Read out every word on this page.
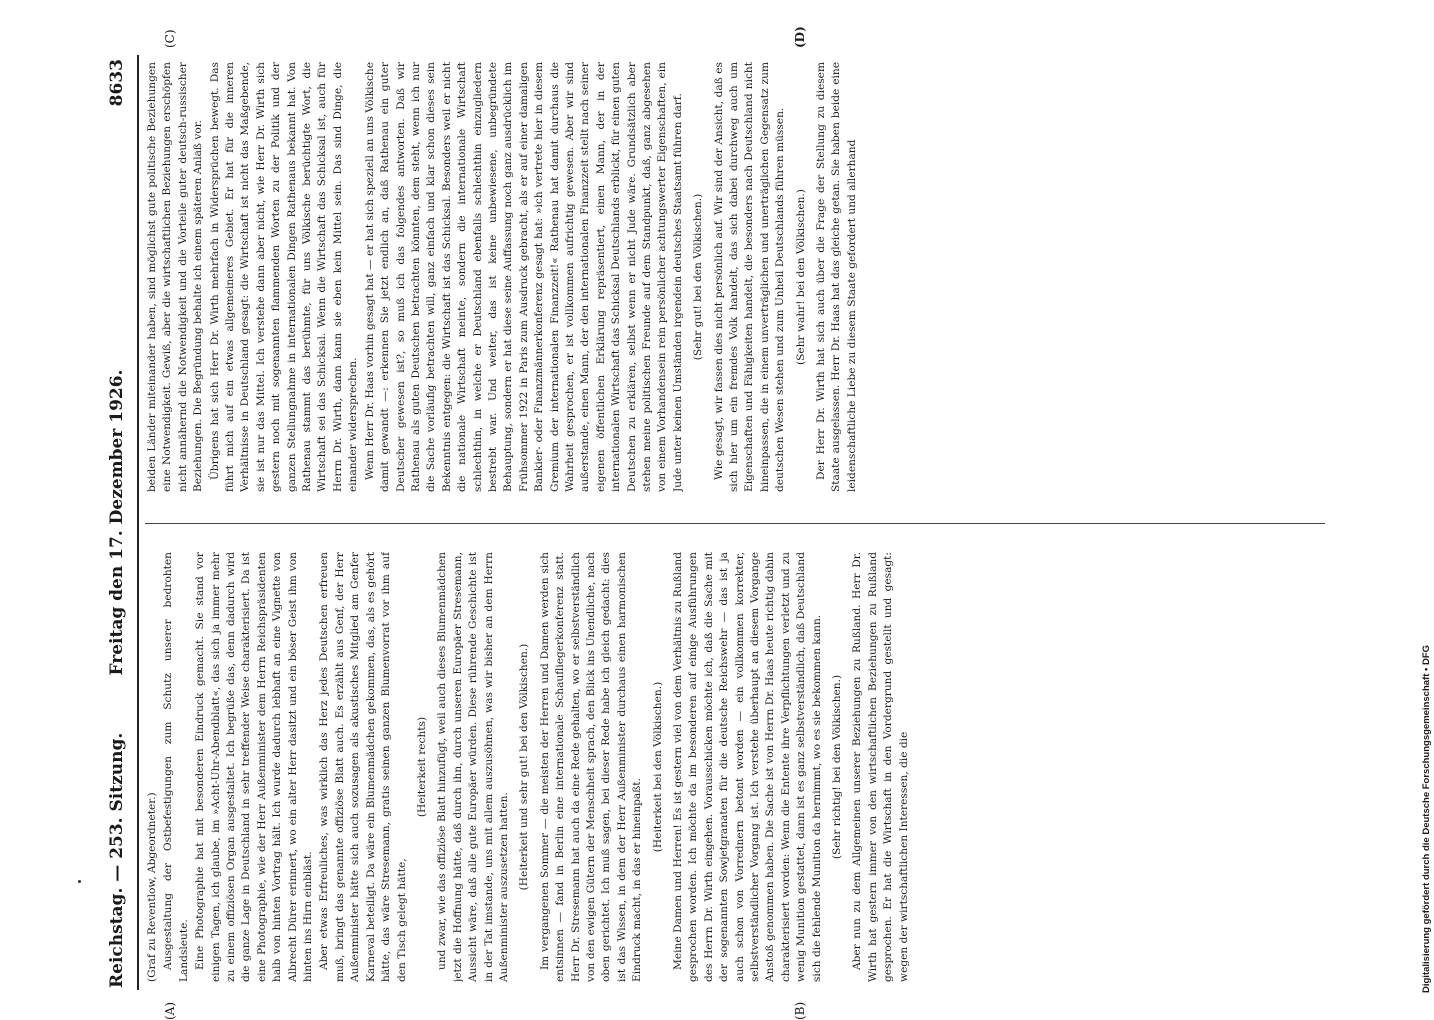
Reichstag. — 253. Sitzung.
Freitag den 17. Dezember 1926.
8633
(A)	(B)
(C)	(D)

(Graf zu Reventlow, Abgeordneter.) Ausgestaltung der Ostbefestigungen zum Schutz unserer bedrohten Landsleute. Eine Photographie hat mit besonderen Eindruck gemacht. Sie stand vor einigen Tagen, ich glaube, im »Acht-Uhr-Abendblatt«, das sich ja immer mehr zu einem offiziösen Organ ausgestaltet. Ich begrüße das, denn dadurch wird die ganze Lage in Deutschland in sehr treffender Weise charakterisiert. Da ist eine Photographie, wie der Herr Außenminister dem Herrn Reichspräsidenten halb von hinten Vortrag hält. Ich wurde dadurch lebhaft an eine Vignette von Albrecht Dürer erinnert, wo ein alter Herr dasitzt und ein böser Geist ihm von hinten ins Hirn einbläst. Aber etwas Erfreuliches, was wirklich das Herz jedes Deutschen erfreuen muß, bringt das genannte offiziöse Blatt auch. Es erzählt aus Genf, der Herr Außenminister hätte sich auch sozusagen als akustisches Mitglied am Genfer Karneval beteiligt. Da wäre ein Blumenmädchen gekommen, das, als es gehört hätte, das wäre Stresemann, gratis seinen ganzen Blumenvorrat vor ihm auf den Tisch gelegt hätte,

(Heiterkeit rechts) und zwar, wie das offiziöse Blatt hinzufügt, weil auch dieses Blumenmädchen jetzt die Hoffnung hätte, daß durch ihn, durch unseren Europäer Stresemann, Aussicht wäre, daß alle gute Europäer würden. Diese rührende Geschichte ist in der Tat imstande, uns mit allem auszusöhnen, was wir bisher an dem Herrn Außenminister auszusetzen hatten. (Heiterkeit und sehr gut! bei den Völkischen.) Im vergangenen Sommer — die meisten der Herren und Damen werden sich entsinnen — fand in Berlin eine internationale Schaufliegerkonferenz statt. Herr Dr. Stresemann hat auch da eine Rede gehalten, wo er selbstverständlich von den ewigen Gütern der Menschheit sprach, den Blick ins Unendliche, nach oben gerichtet. Ich muß sagen, bei dieser Rede habe ich gleich gedacht: dies ist das Wissen, in dem der Herr Außenminister durchaus einen harmonischen Eindruck macht, in das er hineinpaßt.

(Heiterkeit bei den Völkischen.) Meine Damen und Herren! Es ist gestern viel von dem Verhältnis zu Rußland gesprochen worden. Ich möchte da im besonderen auf einige Ausführungen des Herrn Dr. Wirth eingehen. Vorausschicken möchte ich, daß die Sache mit der sogenannten Sowjetgranaten für die deutsche Reichswehr — das ist ja auch schon von Vorrednern betont worden — ein vollkommen korrekter, selbstverständlicher Vorgang ist. Ich verstehe überhaupt an diesem Vorgange Anstoß genommen haben. Die Sache ist von Herrn Dr. Haas heute richtig dahin charakterisiert worden: Wenn die Entente ihre Verpflichtungen verletzt und zu wenig Munition gestattet, dann ist es ganz selbstverständlich, daß Deutschland sich die fehlende Munition da hernimmt, wo es sie bekommen kann. (Sehr richtig! bei den Völkischen.) Aber nun zu dem Allgemeinen unserer Beziehungen zu Rußland. Herr Dr. Wirth hat gestern immer von den wirtschaftlichen Beziehungen zu Rußland gesprochen. Er hat die Wirtschaft in den Vordergrund gestellt und gesagt: wegen der wirtschaftlichen Interessen, die die

beiden Länder miteinander haben, sind möglichst gute politische Beziehungen eine Notwendigkeit. Gewiß, aber die wirtschaftlichen Beziehungen erschöpfen nicht annähernd die Notwendigkeit und die Vorteile guter deutsch-russischer Beziehungen. Die Begründung behalte ich einem späteren Anlaß vor. Übrigens hat sich Herr Dr. Wirth mehrfach in Widersprüchen bewegt. Das führt mich auf ein etwas allgemeineres Gebiet. Er hat für die inneren Verhältnisse in Deutschland gesagt: die Wirtschaft ist nicht das Maßgebende, sie ist nur das Mittel. Ich verstehe dann aber nicht, wie Herr Dr. Wirth sich gestern noch mit sogenannten flammenden Worten zu der Politik und der ganzen Stellungnahme in internationalen Dingen Rathenaus bekannt hat. Von Rathenau stammt das berühmte, für uns Völkische berüchtigte Wort, die Wirtschaft sei das Schicksal. Wenn die Wirtschaft das Schicksal ist, auch für Herrn Dr. Wirth, dann kann sie eben kein Mittel sein. Das sind Dinge, die einander widersprechen. Wenn Herr Dr. Haas vorhin gesagt hat — er hat sich speziell an uns Völkische damit gewandt —: erkennen Sie jetzt endlich an, daß Rathenau ein guter Deutscher gewesen ist?, so muß ich das folgendes antworten. Daß wir Rathenau als guten Deutschen betrachten könnten, dem steht, wenn ich nur die Sache vorläufig betrachten will, ganz einfach und klar schon dieses sein Bekenntnis entgegen: die Wirtschaft ist das Schicksal. Besonders weil er nicht die nationale Wirtschaft meinte, sondern die internationale Wirtschaft schlechthin, in welche er Deutschland ebenfalls schlechthin einzugliedern bestrebt war. Und weiter, das ist keine unbewiesene, unbegründete Behauptung, sondern er hat diese seine Auffassung noch ganz ausdrücklich im Frühsommer 1922 in Paris zum Ausdruck gebracht, als er auf einer damaligen Bankier- oder Finanzmännerkonferenz gesagt hat: »ich vertrete hier in diesem Gremium der internationalen Finanzzeit!« Rathenau hat damit durchaus die Wahrheit gesprochen, er ist vollkommen aufrichtig gewesen. Aber wir sind außerstande, einen Mann, der den internationalen Finanzzeit stellt nach seiner eigenen öffentlichen Erklärung repräsentiert, einen Mann, der in der internationalen Wirtschaft das Schicksal Deutschlands erblickt, für einen guten Deutschen zu erklären, selbst wenn er nicht Jude wäre. Grundsätzlich aber stehen meine politischen Freunde auf dem Standpunkt, daß, ganz abgesehen von einem Vorhandensein rein persönlicher achtungswerter Eigenschaften, ein Jude unter keinen Umständen irgendein deutsches Staatsamt führen darf. (Sehr gut! bei den Völkischen.) Wie gesagt, wir fassen dies nicht persönlich auf. Wir sind der Ansicht, daß es sich hier um ein fremdes Volk handelt, das sich dabei durchweg auch um Eigenschaften und Fähigkeiten handelt, die besonders nach Deutschland nicht hineinpassen, die in einem unverträglichen und unerträglichen Gegensatz zum deutschen Wesen stehen und zum Unheil Deutschlands führen müssen. (Sehr wahr! bei den Völkischen.) Der Herr Dr. Wirth hat sich auch über die Frage der Stellung zu diesem Staate ausgelassen. Herr Dr. Haas hat das gleiche getan. Sie haben beide eine leidenschaftliche Liebe zu diesem Staate gefordert und allerhand

Digitalisierung gefördert durch die Deutsche Forschungsgemeinschaft • DFG
